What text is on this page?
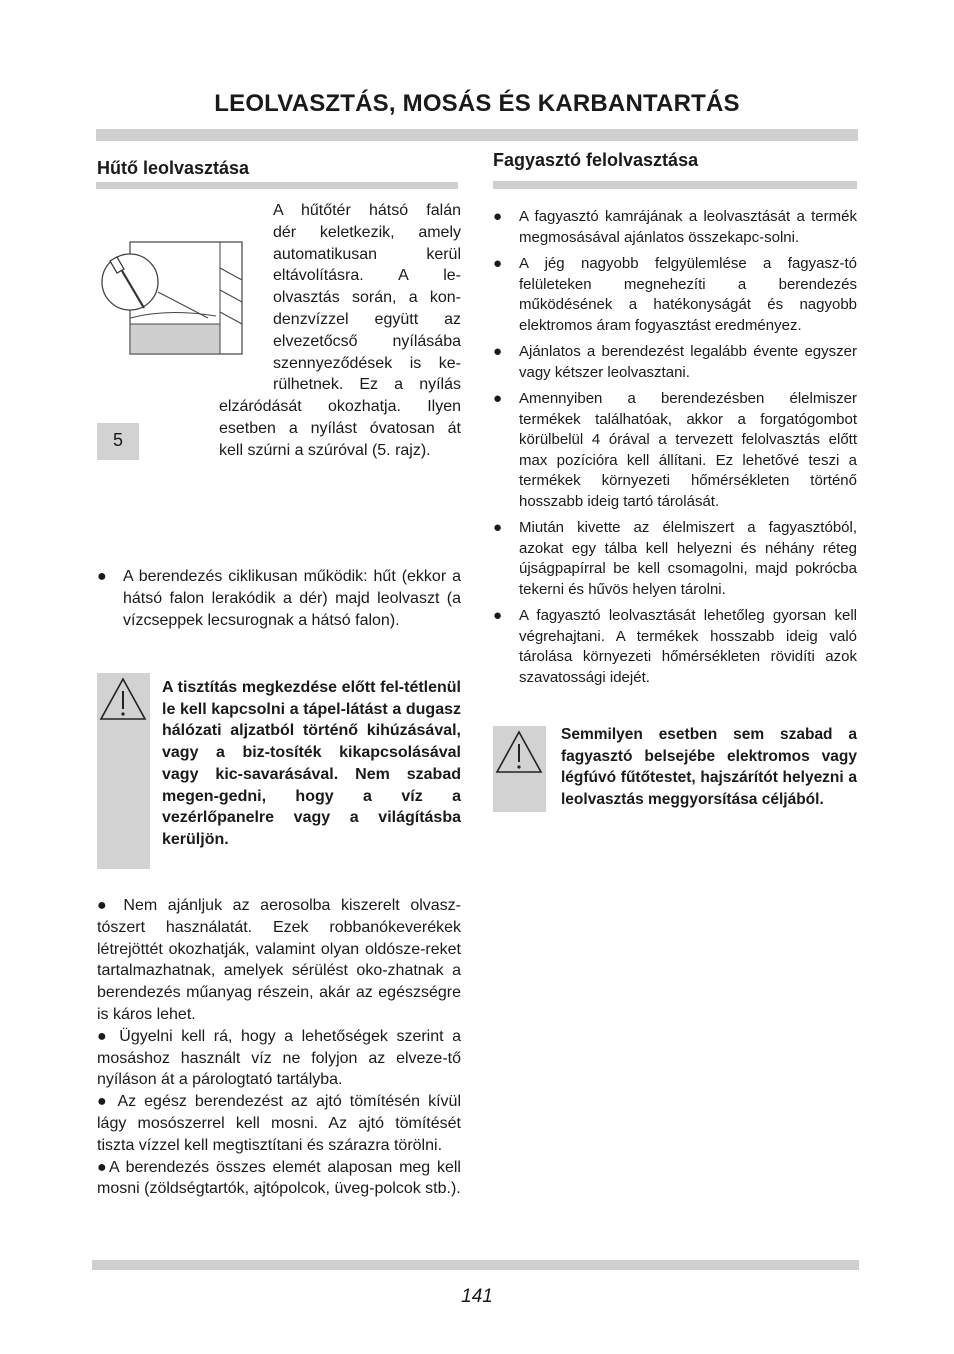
LEOLVASZTÁS, MOSÁS ÉS KARBANTARTÁS
Hűtő leolvasztása
A hűtőtér hátsó falán
dér keletkezik, amely
automatikusan kerül
eltávolításra. A le-
olvasztás során, a kon-
denzvízzel együtt az
elvezetőcső nyílásába
szennyeződések is ke-
rülhetnek. Ez a nyílás
elzáródását okozhatja. Ilyen
esetben a nyílást óvatosan át
kell szúrni a szúróval (5. rajz).
5
●	A berendezés ciklikusan működik: hűt (ekkor a hátsó falon lerakódik a dér) majd leolvaszt (a vízcseppek lecsurognak a hátsó falon).
A tisztítás megkezdése előtt fel-tétlenül le kell kapcsolni a tápel-látást a dugasz hálózati aljzatból történő kihúzásával, vagy a biz-tosíték kikapcsolásával vagy kic-savarásával. Nem szabad megen-gedni, hogy a víz a vezérlőpanelre vagy a világításba kerüljön.
● Nem ajánljuk az aerosolba kiszerelt olvasz-tószert használatát. Ezek robbanókeverékek létrejöttét okozhatják, valamint olyan oldósze-reket tartalmazhatnak, amelyek sérülést oko-zhatnak a berendezés műanyag részein, akár az egészségre is káros lehet.
● Ügyelni kell rá, hogy a lehetőségek szerint a mosáshoz használt víz ne folyjon az elveze-tő nyíláson át a párologtató tartályba.
● Az egész berendezést az ajtó tömítésén kívül lágy mosószerrel kell mosni. Az ajtó tömítését tiszta vízzel kell megtisztítani és szárazra törölni.
●A berendezés összes elemét alaposan meg kell mosni (zöldségtartók, ajtópolcok, üveg-polcok stb.).
Fagyasztó felolvasztása
●	A fagyasztó kamrájának a leolvasztását a termék megmosásával ajánlatos összekapc-solni.
●	A jég nagyobb felgyülemlése a fagyasz-tó felületeken megnehezíti a berendezés működésének a hatékonyságát és nagyobb elektromos áram fogyasztást eredményez.
●	Ajánlatos a berendezést legalább évente egyszer vagy kétszer leolvasztani.
●	Amennyiben a berendezésben élelmiszer termékek találhatóak, akkor a forgatógombot körülbelül 4 órával a tervezett felolvasztás előtt max pozícióra kell állítani. Ez lehetővé teszi a termékek környezeti hőmérsékleten történő hosszabb ideig tartó tárolását.
●	Miután kivette az élelmiszert a fagyasztóból, azokat egy tálba kell helyezni és néhány réteg újságpapírral be kell csomagolni, majd pokrócba tekerni és hűvös helyen tárolni.
●	A fagyasztó leolvasztását lehetőleg gyorsan kell végrehajtani. A termékek hosszabb ideig való tárolása környezeti hőmérsékleten rövidíti azok szavatossági idejét.
Semmilyen esetben sem szabad a fagyasztó belsejébe elektromos vagy légfúvó fűtőtestet, hajszárítót helyezni a leolvasztás meggyorsítása céljából.
141
